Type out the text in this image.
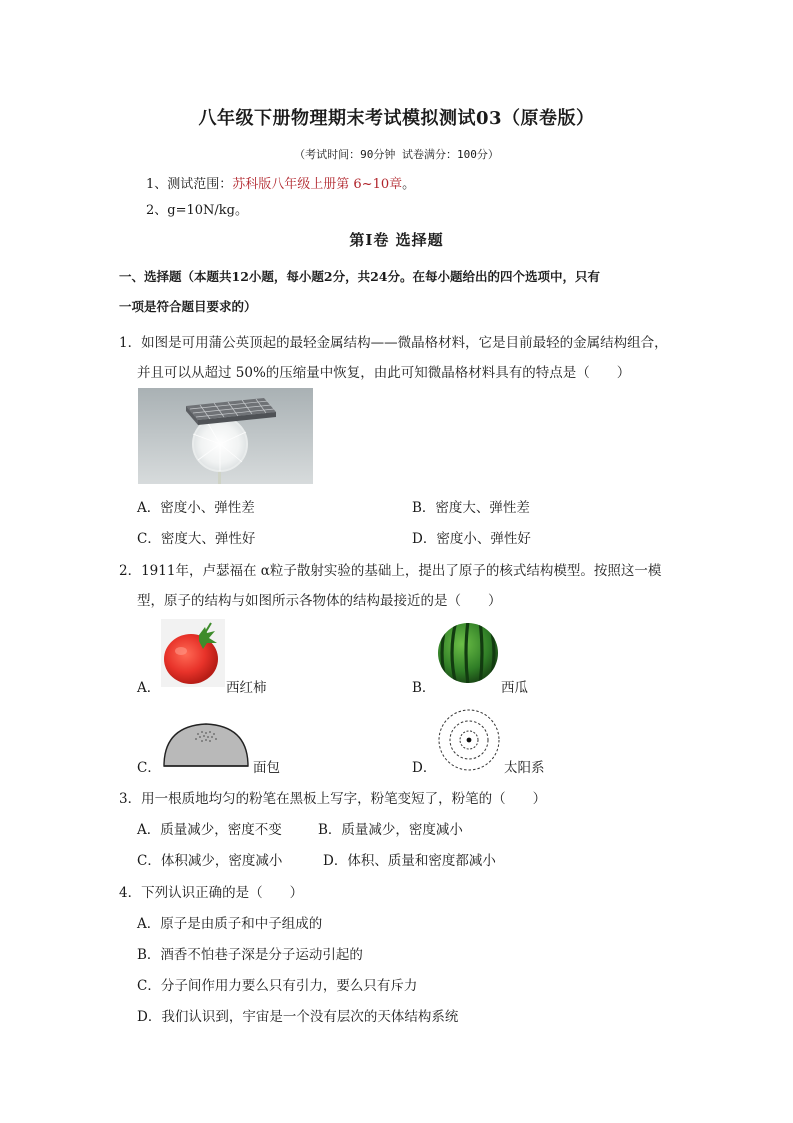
八年级下册物理期末考试模拟测试03（原卷版）
（考试时间：90分钟 试卷满分：100分）
1、测试范围：苏科版八年级上册第 6~10章。
2、g=10N/kg。
第Ⅰ卷 选择题
一、选择题（本题共12小题，每小题2分，共24分。在每小题给出的四个选项中，只有
一项是符合题目要求的）
1．如图是可用蒲公英顶起的最轻金属结构——微晶格材料，它是目前最轻的金属结构组合，
并且可以从超过 50%的压缩量中恢复，由此可知微晶格材料具有的特点是（　　）
A．密度小、弹性差	B．密度大、弹性差
C．密度大、弹性好	D．密度小、弹性好
2．1911年，卢瑟福在 α粒子散射实验的基础上，提出了原子的核式结构模型。按照这一模
型，原子的结构与如图所示各物体的结构最接近的是（　　）
A．	西红柿	B．	西瓜
C．	面包	D．	太阳系
3．用一根质地均匀的粉笔在黑板上写字，粉笔变短了，粉笔的（　　）
A．质量减少，密度不变	B．质量减少，密度减小
C．体积减少，密度减小	D．体积、质量和密度都减小
4．下列认识正确的是（　　）
A．原子是由质子和中子组成的
B．酒香不怕巷子深是分子运动引起的
C．分子间作用力要么只有引力，要么只有斥力
D．我们认识到，宇宙是一个没有层次的天体结构系统
